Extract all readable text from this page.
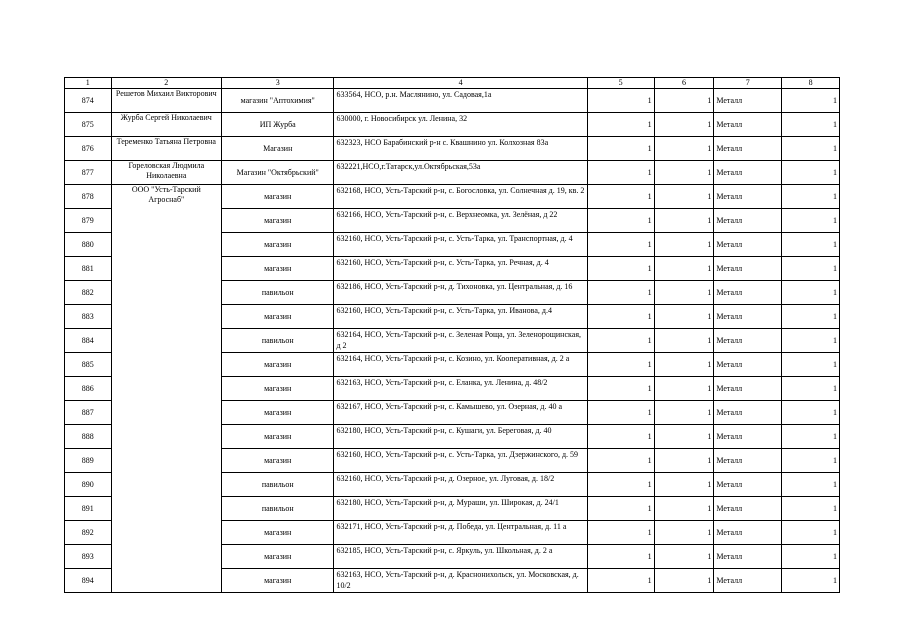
1	2	3	4	5	6	7	8
874	Решетов Михаил Викторович	магазин "Аптохимия"	633564, НСО, р.н. Маслянино, ул. Садовая,1а	1	1	Металл	1
875	Журба Сергей Николаевич	ИП Журба	630000, г. Новосибирск ул. Ленина, 32	1	1	Металл	1
876	Теременко Татьяна Петровна	Магазин	632323, НСО Барабинский р-н с. Квашнино ул. Колхозная 83а	1	1	Металл	1
877	Гореловская Людмила Николаевна	Магазин "Октябрьский"	632221,НСО,г.Татарск,ул.Октябрьская,53а	1	1	Металл	1
878	ООО "Усть-Тарский Агроснаб"	магазин	632168, НСО, Усть-Тарский р-н, с. Богословка, ул. Солнечная д. 19, кв. 2	1	1	Металл	1
879		магазин	632166, НСО, Усть-Тарский р-н, с. Верхнеомка, ул. Зелёная, д 22	1	1	Металл	1
880		магазин	632160, НСО, Усть-Тарский р-н, с. Усть-Тарка, ул. Транспортная, д. 4	1	1	Металл	1
881		магазин	632160, НСО, Усть-Тарский р-н, с. Усть-Тарка, ул. Речная, д. 4	1	1	Металл	1
882		павильон	632186, НСО, Усть-Тарский р-н, д. Тихоновка, ул. Центральная, д. 16	1	1	Металл	1
883		магазин	632160, НСО, Усть-Тарский р-н, с. Усть-Тарка, ул. Иванова, д.4	1	1	Металл	1
884		павильон	632164, НСО, Усть-Тарский р-н, с. Зеленая Роща, ул. Зеленорощинская, д 2	1	1	Металл	1
885		магазин	632164, НСО, Усть-Тарский р-н, с. Козино, ул. Кооперативная, д. 2 а	1	1	Металл	1
886		магазин	632163, НСО, Усть-Тарский р-н, с. Еланка, ул. Ленина, д. 48/2	1	1	Металл	1
887		магазин	632167, НСО, Усть-Тарский р-н, с. Камышево, ул. Озерная, д. 40 а	1	1	Металл	1
888		магазин	632180, НСО, Усть-Тарский р-н, с. Кушаги, ул. Береговая, д. 40	1	1	Металл	1
889		магазин	632160, НСО, Усть-Тарский р-н, с. Усть-Тарка, ул. Дзержинского, д. 59	1	1	Металл	1
890		павильон	632160, НСО, Усть-Тарский р-н, д. Озерное, ул. Луговая, д. 18/2	1	1	Металл	1
891		павильон	632180, НСО, Усть-Тарский р-н, д. Мураши, ул. Широкая, д. 24/1	1	1	Металл	1
892		магазин	632171, НСО, Усть-Тарский р-н, д. Победа, ул. Центральная, д. 11 а	1	1	Металл	1
893		магазин	632185, НСО, Усть-Тарский р-н, с. Яркуль, ул. Школьная, д. 2 а	1	1	Металл	1
894		магазин	632163, НСО, Усть-Тарский р-н, д. Краснонихольск, ул. Московская, д. 10/2	1	1	Металл	1
